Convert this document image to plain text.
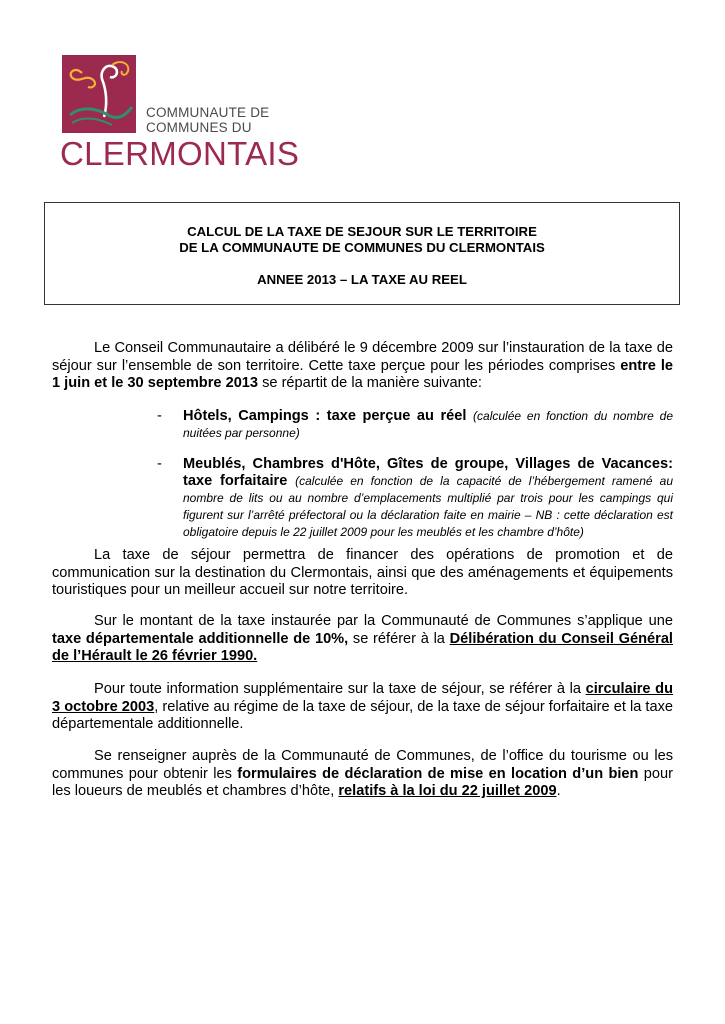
COMMUNAUTE DE
COMMUNES DU
CLERMONTAIS
CALCUL DE LA TAXE DE SEJOUR SUR LE TERRITOIRE
DE LA COMMUNAUTE DE COMMUNES DU CLERMONTAIS
ANNEE 2013 – LA TAXE AU REEL
Le Conseil Communautaire a délibéré le 9 décembre 2009 sur l’instauration de la taxe de séjour sur l’ensemble de son territoire. Cette taxe perçue pour les périodes comprises entre le 1 juin et le 30 septembre 2013 se répartit de la manière suivante:
- Hôtels, Campings : taxe perçue au réel (calculée en fonction du nombre de nuitées par personne)
- Meublés, Chambres d'Hôte, Gîtes de groupe, Villages de Vacances: taxe forfaitaire (calculée en fonction de la capacité de l’hébergement ramené au nombre de lits ou au nombre d’emplacements multiplié par trois pour les campings qui figurent sur l’arrêté préfectoral ou la déclaration faite en mairie – NB : cette déclaration est obligatoire depuis le 22 juillet 2009 pour les meublés et les chambre d’hôte)
La taxe de séjour permettra de financer des opérations de promotion et de communication sur la destination du Clermontais, ainsi que des aménagements et équipements touristiques pour un meilleur accueil sur notre territoire.
Sur le montant de la taxe instaurée par la Communauté de Communes s’applique une taxe départementale additionnelle de 10%, se référer à la Délibération du Conseil Général de l’Hérault le 26 février 1990.
Pour toute information supplémentaire sur la taxe de séjour, se référer à la circulaire du 3 octobre 2003, relative au régime de la taxe de séjour, de la taxe de séjour forfaitaire et la taxe départementale additionnelle.
Se renseigner auprès de la Communauté de Communes, de l’office du tourisme ou les communes pour obtenir les formulaires de déclaration de mise en location d’un bien pour les loueurs de meublés et chambres d’hôte, relatifs à la loi du 22 juillet 2009.
